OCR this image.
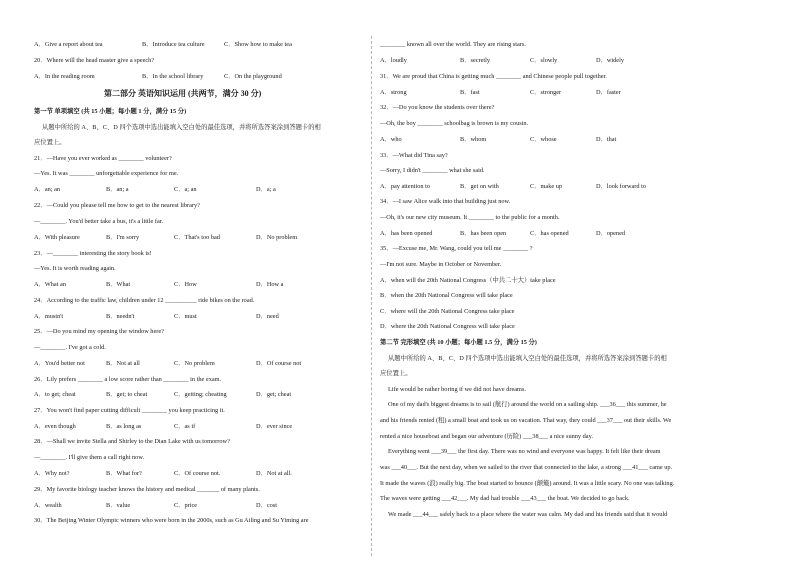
A．Give a report about tea	B．Introduce tea culture	C．Show how to make tea
20．Where will the head master give a speech?
A．In the reading room	B．In the school library	C．On the playground
第二部分 英语知识运用 (共两节，满分 30 分)
第一节 单项填空 (共 15 小题；每小题 1 分，满分 15 分)
从题中所给的 A、B、C、D 四个选项中选出能填入空白处的最佳选项，并将所选答案涂到答题卡的相
应位置上。
21．—Have you ever worked as ________ volunteer?
—Yes. It was ________ unforgettable experience for me.
A．an; an	B．an; a	C．a; an	D．a; a
22．—Could you please tell me how to get to the nearest library?
—________. You'd better take a bus, it's a little far.
A．With pleasure	B．I'm sorry	C．That's too bad	D．No problem
23．—________ interesting the story book is!
—Yes. It is worth reading again.
A．What an	B．What	C．How	D．How a
24．According to the traffic law, children under 12 __________ ride bikes on the road.
A．mustn't	B．needn't	C．must	D．need
25．—Do you mind my opening the window here?
—________. I've got a cold.
A．You'd better not	B．Not at all	C．No problem	D．Of course not
26．Lily prefers ________ a low score rather than ________ in the exam.
A．to get; cheat	B．get; to cheat	C．getting; cheating	D．get; cheat
27．You won't find paper cutting difficult ________ you keep practicing it.
A．even though	B．as long as	C．as if	D．ever since
28．—Shall we invite Stella and Shirley to the Dian Lake with us tomorrow?
—________. I'll give them a call right now.
A．Why not?	B．What for?	C．Of course not.	D．Not at all.
29．My favorite biology teacher knows the history and medical _______ of many plants.
A．wealth	B．value	C．price	D．cost
30．The Beijing Winter Olympic winners who were born in the 2000s, such as Gu Ailing and Su Yiming are
________ known all over the world. They are rising stars.
A．loudly	B．secretly	C．slowly	D．widely
31．We are proud that China is getting much ________ and Chinese people pull together.
A．strong	B．fast	C．stronger	D．faster
32．—Do you know the students over there?
—Oh, the boy ________ schoolbag is brown is my cousin.
A．who	B．whom	C．whose	D．that
33．—What did Tina say?
—Sorry, I didn't ________ what she said.
A．pay attention to	B．get on with	C．make up	D．look forward to
34．—I saw Alice walk into that building just now.
—Oh, it's our new city museum. It ________ to the public for a month.
A．has been opened	B．has been open	C．has opened	D．opened
35．—Excuse me, Mr. Wang, could you tell me ________ ?
—I'm not sure. Maybe in October or November.
A．when will the 20th National Congress（中共二十大）take place
B．when the 20th National Congress will take place
C．where will the 20th National Congress take place
D．where the 20th National Congress will take place
第二节 完形填空 (共 10 小题；每小题 1.5 分，满分 15 分)
从题中所给的 A、B、C、D 四个选项中选出能填入空白处的最佳选项，并将所选答案涂到答题卡的相
应位置上。
Life would be rather boring if we did not have dreams.
One of my dad's biggest dreams is to sail (航行) around the world on a sailing ship. ___36___ this summer, he
and his friends rented (租) a small boat and took us on vacation. That way, they could ___37___ out their skills. We
rented a nice houseboat and began our adventure (历险) ___38___ a nice sunny day.
Everything went ___39___ the first day. There was no wind and everyone was happy. It felt like their dream
was ___40___. But the next day, when we sailed to the river that connected to the lake, a strong ___41___ came up.
It made the waves (浪) really big. The boat started to bounce (颠簸) around. It was a little scary. No one was talking.
The waves were getting ___42___. My dad had trouble ___43___ the boat. We decided to go back.
We made ___44___ safely back to a place where the water was calm. My dad and his friends said that it would
